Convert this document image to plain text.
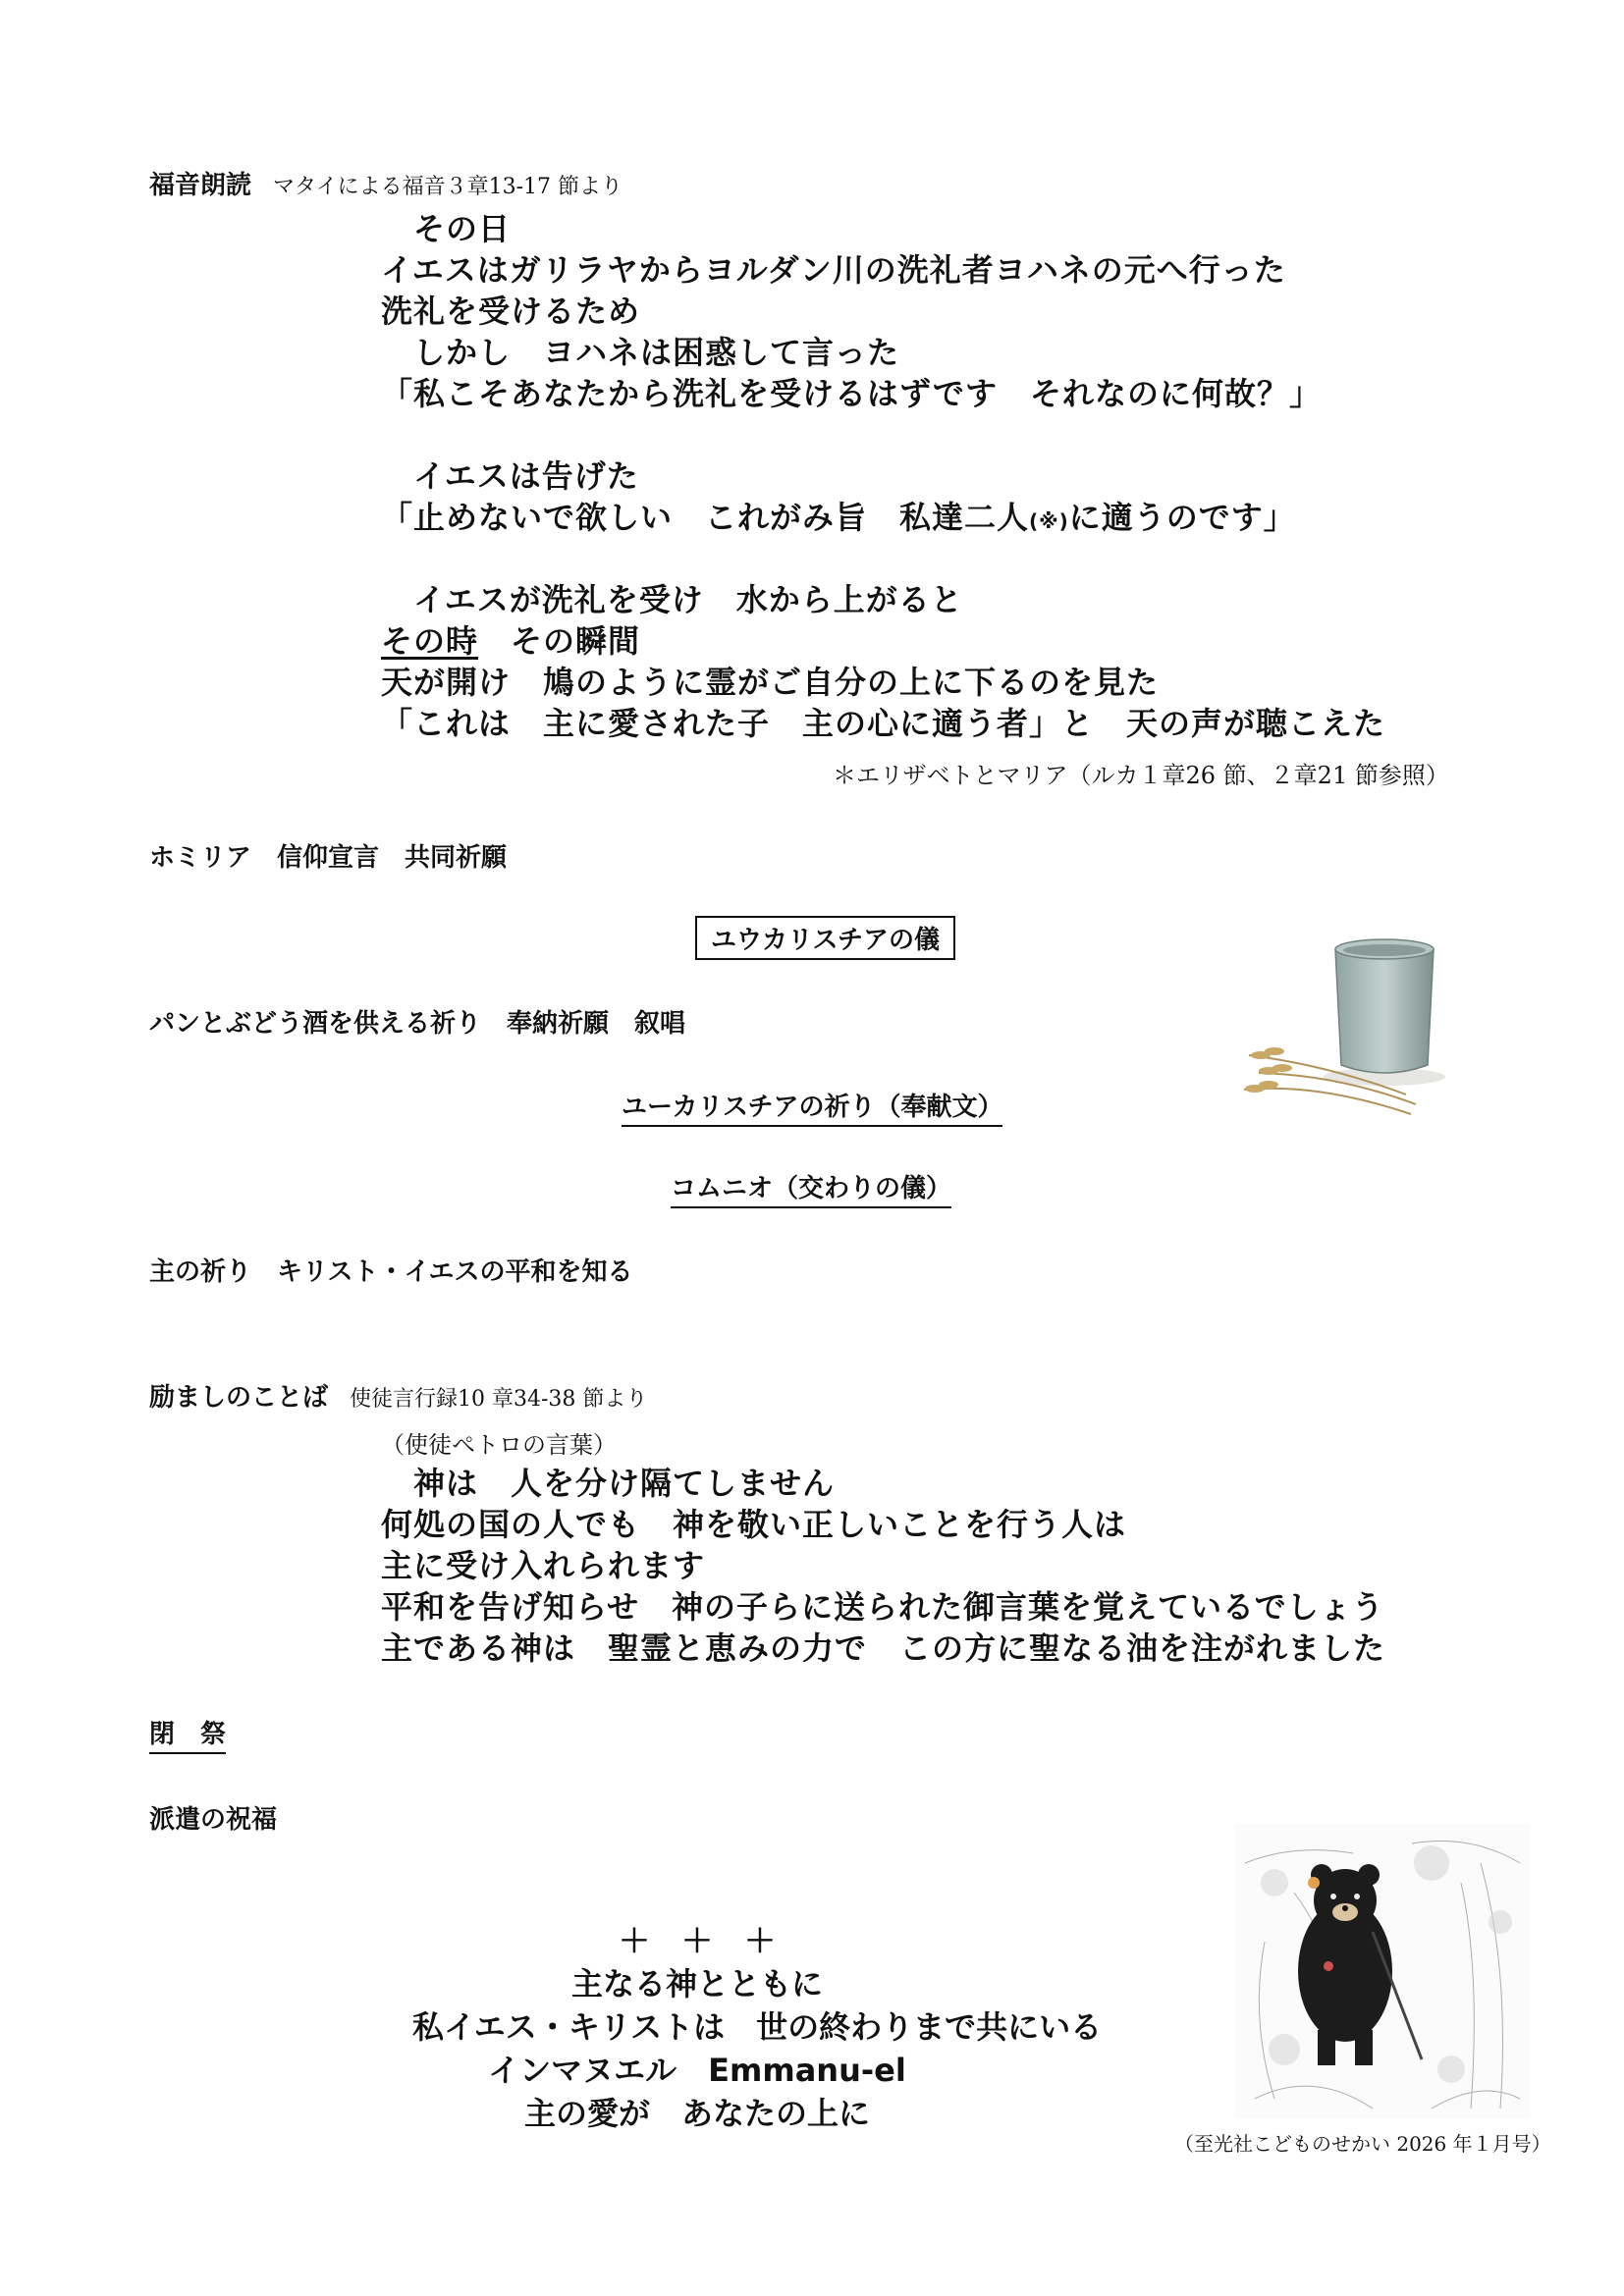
福音朗読 マタイによる福音３章13-17 節より
　その日
イエスはガリラヤからヨルダン川の洗礼者ヨハネの元へ行った
洗礼を受けるため
　しかし　ヨハネは困惑して言った
「私こそあなたから洗礼を受けるはずです　それなのに何故？」
　イエスは告げた
「止めないで欲しい　これがみ旨　私達二人(※)に適うのです」
　イエスが洗礼を受け　水から上がると
その時　その瞬間
天が開け　鳩のように霊がご自分の上に下るのを見た
「これは　主に愛された子　主の心に適う者」と　天の声が聴こえた
＊エリザベトとマリア（ルカ１章26 節、２章21 節参照）
ホミリア　信仰宣言　共同祈願
ユウカリスチアの儀
パンとぶどう酒を供える祈り　奉納祈願　叙唱
ユーカリスチアの祈り（奉献文）
コムニオ（交わりの儀）
主の祈り　キリスト・イエスの平和を知る
励ましのことば 使徒言行録10 章34-38 節より
（使徒ペトロの言葉）
　神は　人を分け隔てしません
何処の国の人でも　神を敬い正しいことを行う人は
主に受け入れられます
平和を告げ知らせ　神の子らに送られた御言葉を覚えているでしょう
主である神は　聖霊と恵みの力で　この方に聖なる油を注がれました
閉　祭
派遣の祝福
＋　＋　＋
主なる神とともに
私イエス・キリストは　世の終わりまで共にいる
インマヌエル　Emmanu-el
主の愛が　あなたの上に
（至光社こどものせかい 2026 年１月号）
